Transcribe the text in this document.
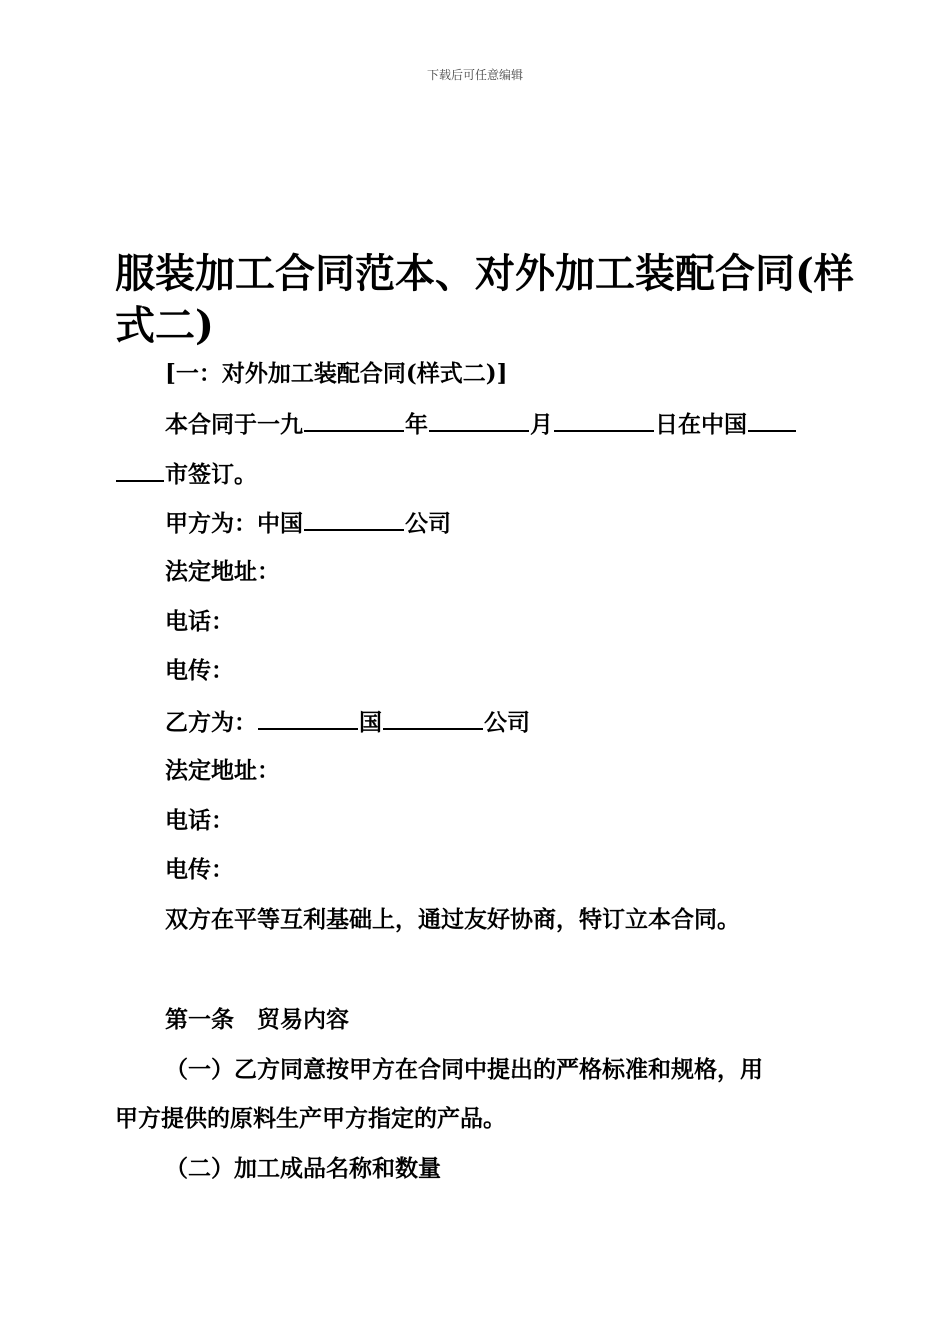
下载后可任意编辑
服装加工合同范本、对外加工装配合同(样式二)
[一：对外加工装配合同(样式二)]
本合同于一九	年	月	日在中国
市签订。
甲方为：中国	公司
法定地址：
电话：
电传：
乙方为：	国	公司
法定地址：
电话：
电传：
双方在平等互利基础上，通过友好协商，特订立本合同。
第一条　贸易内容
（一）乙方同意按甲方在合同中提出的严格标准和规格，用
甲方提供的原料生产甲方指定的产品。
（二）加工成品名称和数量
